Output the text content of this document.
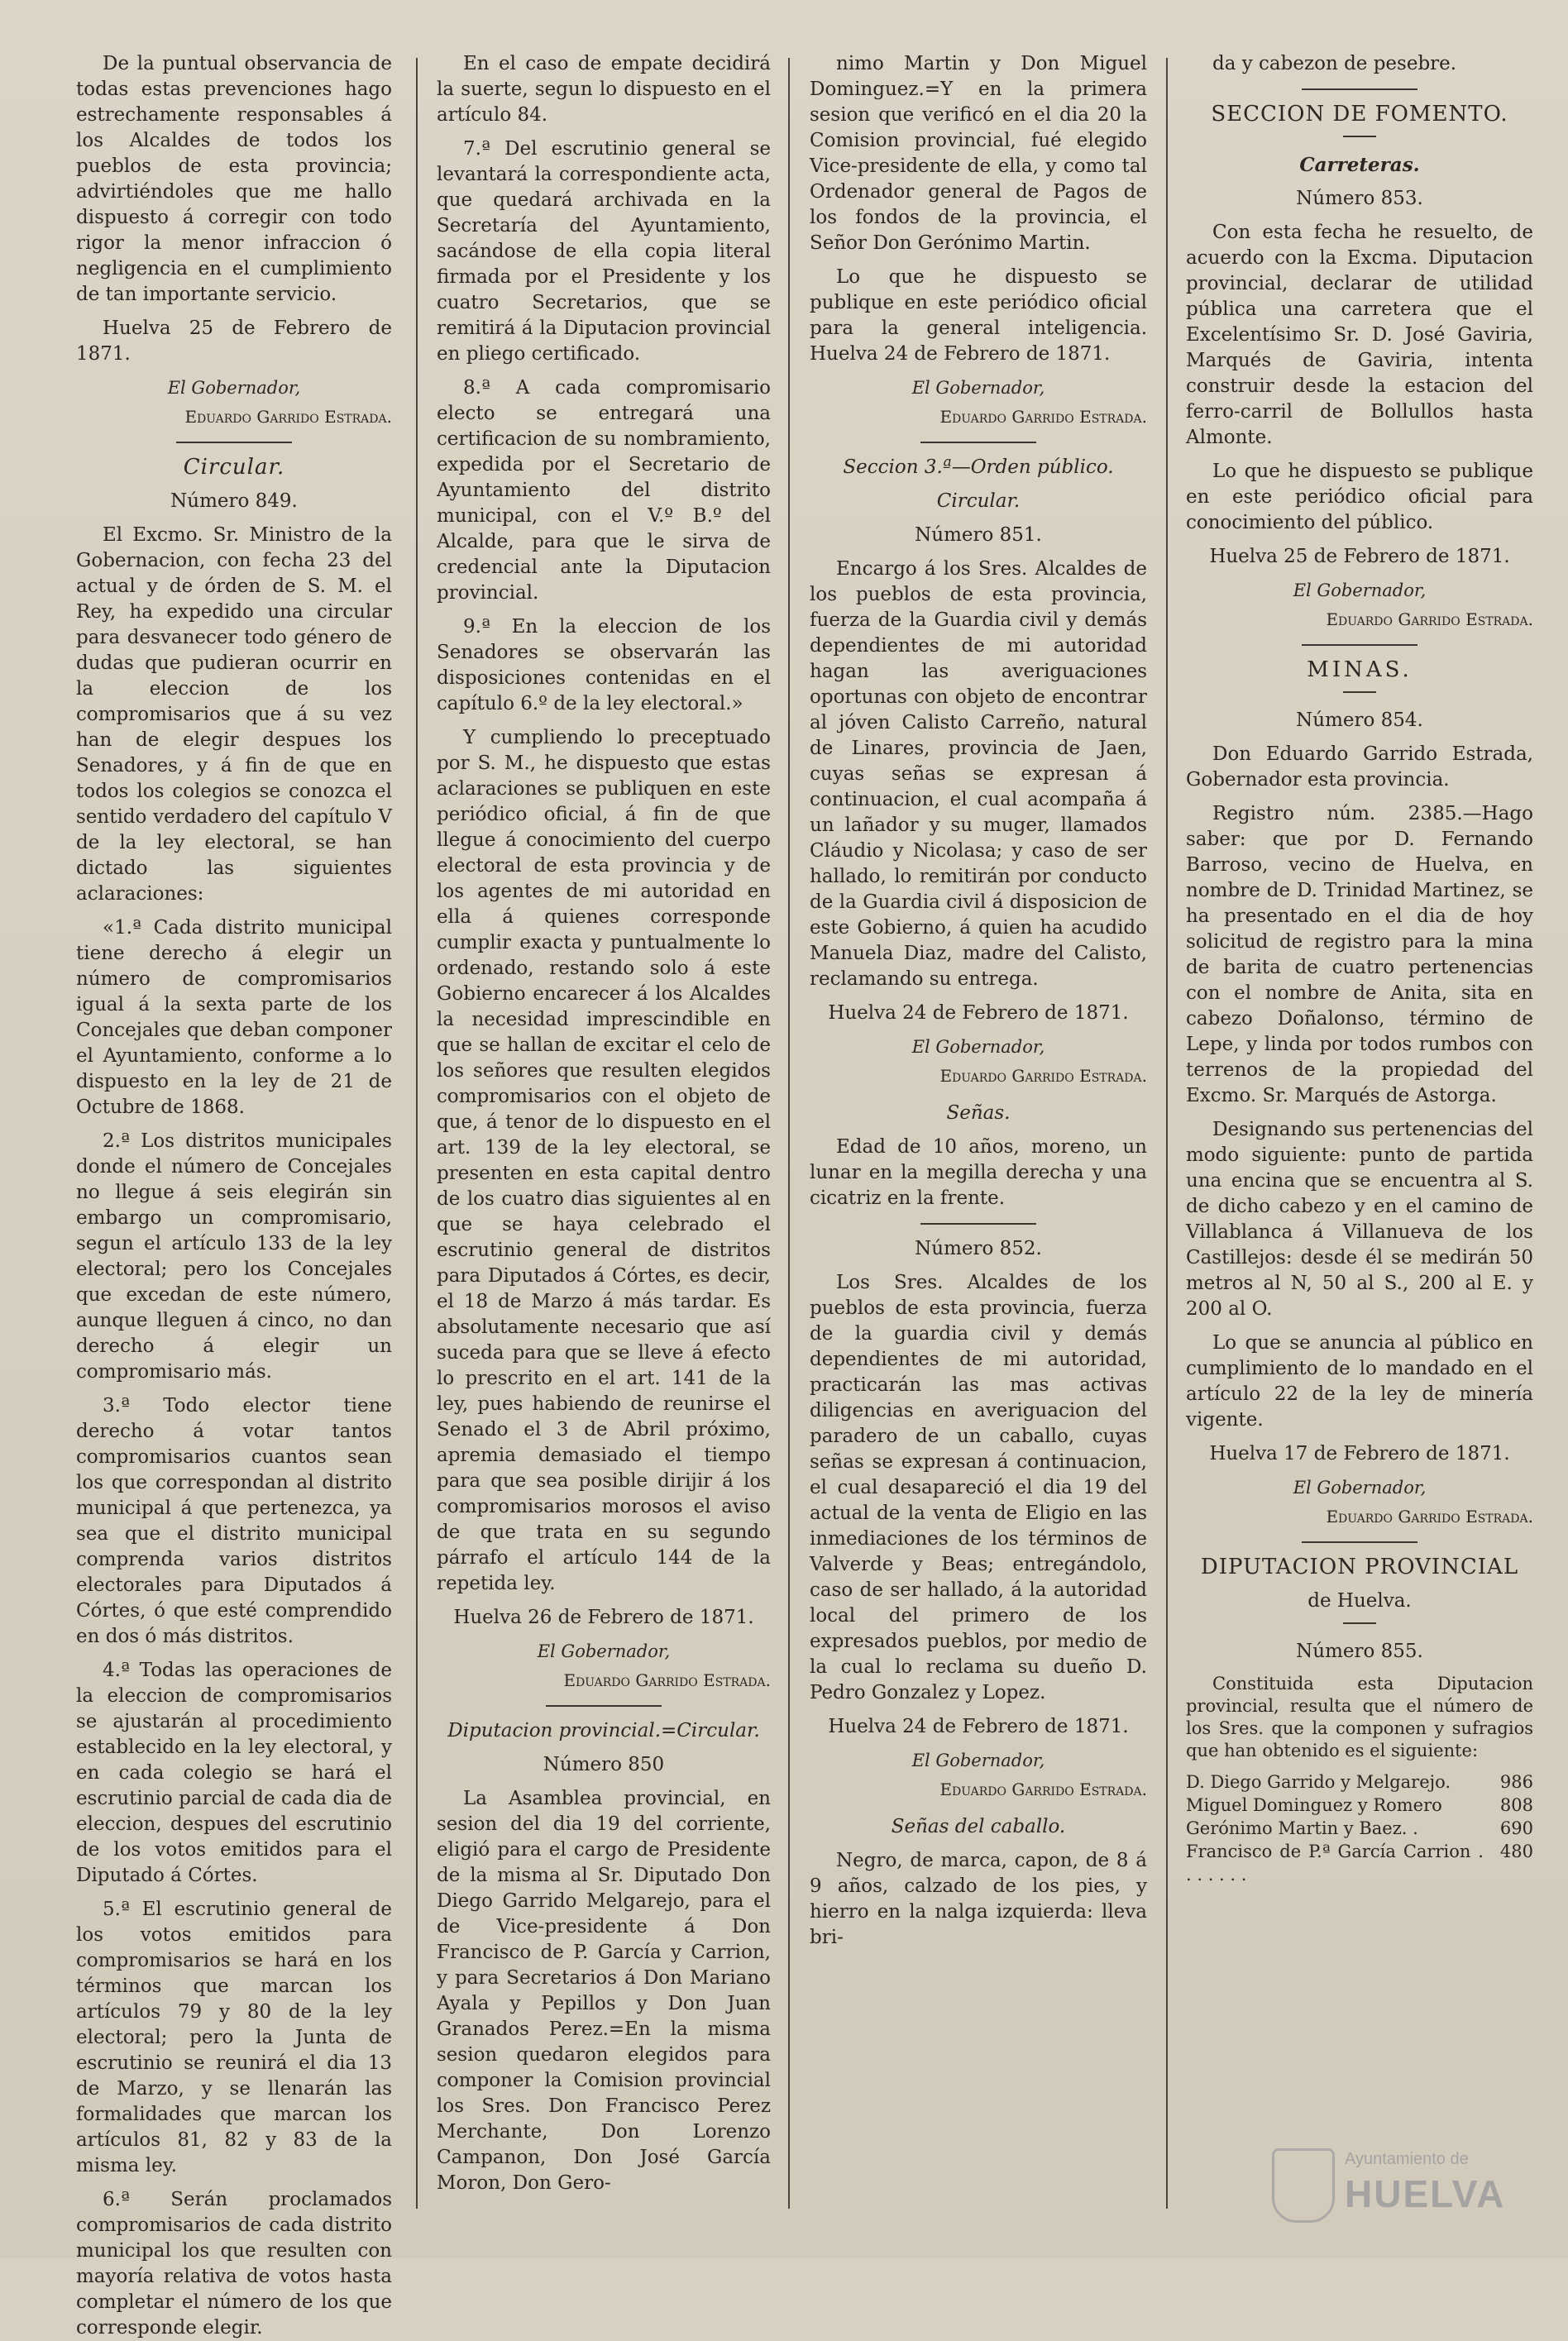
De la puntual observancia de todas estas prevenciones hago estrechamente responsables á los Alcaldes de todos los pueblos de esta provincia; advirtiéndoles que me hallo dispuesto á corregir con todo rigor la menor infraccion ó negligencia en el cumplimiento de tan importante servicio.

Huelva 25 de Febrero de 1871.

El Gobernador,

Eduardo Garrido Estrada.

Circular.

Número 849.

El Excmo. Sr. Ministro de la Gobernacion, con fecha 23 del actual y de órden de S. M. el Rey, ha expedido una circular para desvanecer todo género de dudas que pudieran ocurrir en la eleccion de los compromisarios que á su vez han de elegir despues los Senadores, y á fin de que en todos los colegios se conozca el sentido verdadero del capítulo V de la ley electoral, se han dictado las siguientes aclaraciones:

«1.ª Cada distrito municipal tiene derecho á elegir un número de compromisarios igual á la sexta parte de los Concejales que deban componer el Ayuntamiento, conforme a lo dispuesto en la ley de 21 de Octubre de 1868.

2.ª Los distritos municipales donde el número de Concejales no llegue á seis elegirán sin embargo un compromisario, segun el artículo 133 de la ley electoral; pero los Concejales que excedan de este número, aunque lleguen á cinco, no dan derecho á elegir un compromisario más.

3.ª Todo elector tiene derecho á votar tantos compromisarios cuantos sean los que correspondan al distrito municipal á que pertenezca, ya sea que el distrito municipal comprenda varios distritos electorales para Diputados á Córtes, ó que esté comprendido en dos ó más distritos.

4.ª Todas las operaciones de la eleccion de compromisarios se ajustarán al procedimiento establecido en la ley electoral, y en cada colegio se hará el escrutinio parcial de cada dia de eleccion, despues del escrutinio de los votos emitidos para el Diputado á Córtes.

5.ª El escrutinio general de los votos emitidos para compromisarios se hará en los términos que marcan los artículos 79 y 80 de la ley electoral; pero la Junta de escrutinio se reunirá el dia 13 de Marzo, y se llenarán las formalidades que marcan los artículos 81, 82 y 83 de la misma ley.

6.ª Serán proclamados compromisarios de cada distrito municipal los que resulten con mayoría relativa de votos hasta completar el número de los que corresponde elegir.

En el caso de empate decidirá la suerte, segun lo dispuesto en el artículo 84.

7.ª Del escrutinio general se levantará la correspondiente acta, que quedará archivada en la Secretaría del Ayuntamiento, sacándose de ella copia literal firmada por el Presidente y los cuatro Secretarios, que se remitirá á la Diputacion provincial en pliego certificado.

8.ª A cada compromisario electo se entregará una certificacion de su nombramiento, expedida por el Secretario de Ayuntamiento del distrito municipal, con el V.º B.º del Alcalde, para que le sirva de credencial ante la Diputacion provincial.

9.ª En la eleccion de los Senadores se observarán las disposiciones contenidas en el capítulo 6.º de la ley electoral.»

Y cumpliendo lo preceptuado por S. M., he dispuesto que estas aclaraciones se publiquen en este periódico oficial, á fin de que llegue á conocimiento del cuerpo electoral de esta provincia y de los agentes de mi autoridad en ella á quienes corresponde cumplir exacta y puntualmente lo ordenado, restando solo á este Gobierno encarecer á los Alcaldes la necesidad imprescindible en que se hallan de excitar el celo de los señores que resulten elegidos compromisarios con el objeto de que, á tenor de lo dispuesto en el art. 139 de la ley electoral, se presenten en esta capital dentro de los cuatro dias siguientes al en que se haya celebrado el escrutinio general de distritos para Diputados á Córtes, es decir, el 18 de Marzo á más tardar. Es absolutamente necesario que así suceda para que se lleve á efecto lo prescrito en el art. 141 de la ley, pues habiendo de reunirse el Senado el 3 de Abril próximo, apremia demasiado el tiempo para que sea posible dirijir á los compromisarios morosos el aviso de que trata en su segundo párrafo el artículo 144 de la repetida ley.

Huelva 26 de Febrero de 1871.

El Gobernador,

Eduardo Garrido Estrada.

Diputacion provincial.=Circular.

Número 850

La Asamblea provincial, en sesion del dia 19 del corriente, eligió para el cargo de Presidente de la misma al Sr. Diputado Don Diego Garrido Melgarejo, para el de Vice-presidente á Don Francisco de P. García y Carrion, y para Secretarios á Don Mariano Ayala y Pepillos y Don Juan Granados Perez.=En la misma sesion quedaron elegidos para componer la Comision provincial los Sres. Don Francisco Perez Merchante, Don Lorenzo Campanon, Don José García Moron, Don Gero-

nimo Martin y Don Miguel Dominguez.=Y en la primera sesion que verificó en el dia 20 la Comision provincial, fué elegido Vice-presidente de ella, y como tal Ordenador general de Pagos de los fondos de la provincia, el Señor Don Gerónimo Martin.

Lo que he dispuesto se publique en este periódico oficial para la general inteligencia. Huelva 24 de Febrero de 1871.

El Gobernador,

Eduardo Garrido Estrada.

Seccion 3.ª—Orden público.

Circular.

Número 851.

Encargo á los Sres. Alcaldes de los pueblos de esta provincia, fuerza de la Guardia civil y demás dependientes de mi autoridad hagan las averiguaciones oportunas con objeto de encontrar al jóven Calisto Carreño, natural de Linares, provincia de Jaen, cuyas señas se expresan á continuacion, el cual acompaña á un lañador y su muger, llamados Cláudio y Nicolasa; y caso de ser hallado, lo remitirán por conducto de la Guardia civil á disposicion de este Gobierno, á quien ha acudido Manuela Diaz, madre del Calisto, reclamando su entrega.

Huelva 24 de Febrero de 1871.

El Gobernador,

Eduardo Garrido Estrada.

Señas.

Edad de 10 años, moreno, un lunar en la megilla derecha y una cicatriz en la frente.

Número 852.

Los Sres. Alcaldes de los pueblos de esta provincia, fuerza de la guardia civil y demás dependientes de mi autoridad, practicarán las mas activas diligencias en averiguacion del paradero de un caballo, cuyas señas se expresan á continuacion, el cual desapareció el dia 19 del actual de la venta de Eligio en las inmediaciones de los términos de Valverde y Beas; entregándolo, caso de ser hallado, á la autoridad local del primero de los expresados pueblos, por medio de la cual lo reclama su dueño D. Pedro Gonzalez y Lopez.

Huelva 24 de Febrero de 1871.

El Gobernador,

Eduardo Garrido Estrada.

Señas del caballo.

Negro, de marca, capon, de 8 á 9 años, calzado de los pies, y hierro en la nalga izquierda: lleva bri-

da y cabezon de pesebre.

SECCION DE FOMENTO.

Carreteras.

Número 853.

Con esta fecha he resuelto, de acuerdo con la Excma. Diputacion provincial, declarar de utilidad pública una carretera que el Excelentísimo Sr. D. José Gaviria, Marqués de Gaviria, intenta construir desde la estacion del ferro-carril de Bollullos hasta Almonte.

Lo que he dispuesto se publique en este periódico oficial para conocimiento del público.

Huelva 25 de Febrero de 1871.

El Gobernador,

Eduardo Garrido Estrada.

MINAS.

Número 854.

Don Eduardo Garrido Estrada, Gobernador esta provincia.

Registro núm. 2385.—Hago saber: que por D. Fernando Barroso, vecino de Huelva, en nombre de D. Trinidad Martinez, se ha presentado en el dia de hoy solicitud de registro para la mina de barita de cuatro pertenencias con el nombre de Anita, sita en cabezo Doñalonso, término de Lepe, y linda por todos rumbos con terrenos de la propiedad del Excmo. Sr. Marqués de Astorga.

Designando sus pertenencias del modo siguiente: punto de partida una encina que se encuentra al S. de dicho cabezo y en el camino de Villablanca á Villanueva de los Castillejos: desde él se medirán 50 metros al N, 50 al S., 200 al E. y 200 al O.

Lo que se anuncia al público en cumplimiento de lo mandado en el artículo 22 de la ley de minería vigente.

Huelva 17 de Febrero de 1871.

El Gobernador,

Eduardo Garrido Estrada.

DIPUTACION PROVINCIAL

de Huelva.

Número 855.

Constituida esta Diputacion provincial, resulta que el número de los Sres. que la componen y sufragios que han obtenido es el siguiente:

D. Diego Garrido y Melgarejo.	986
Miguel Dominguez y Romero	808
Gerónimo Martin y Baez. .	690
Francisco de P.ª García Carrion . . . . . . .	480
Ayuntamiento de
HUELVA
